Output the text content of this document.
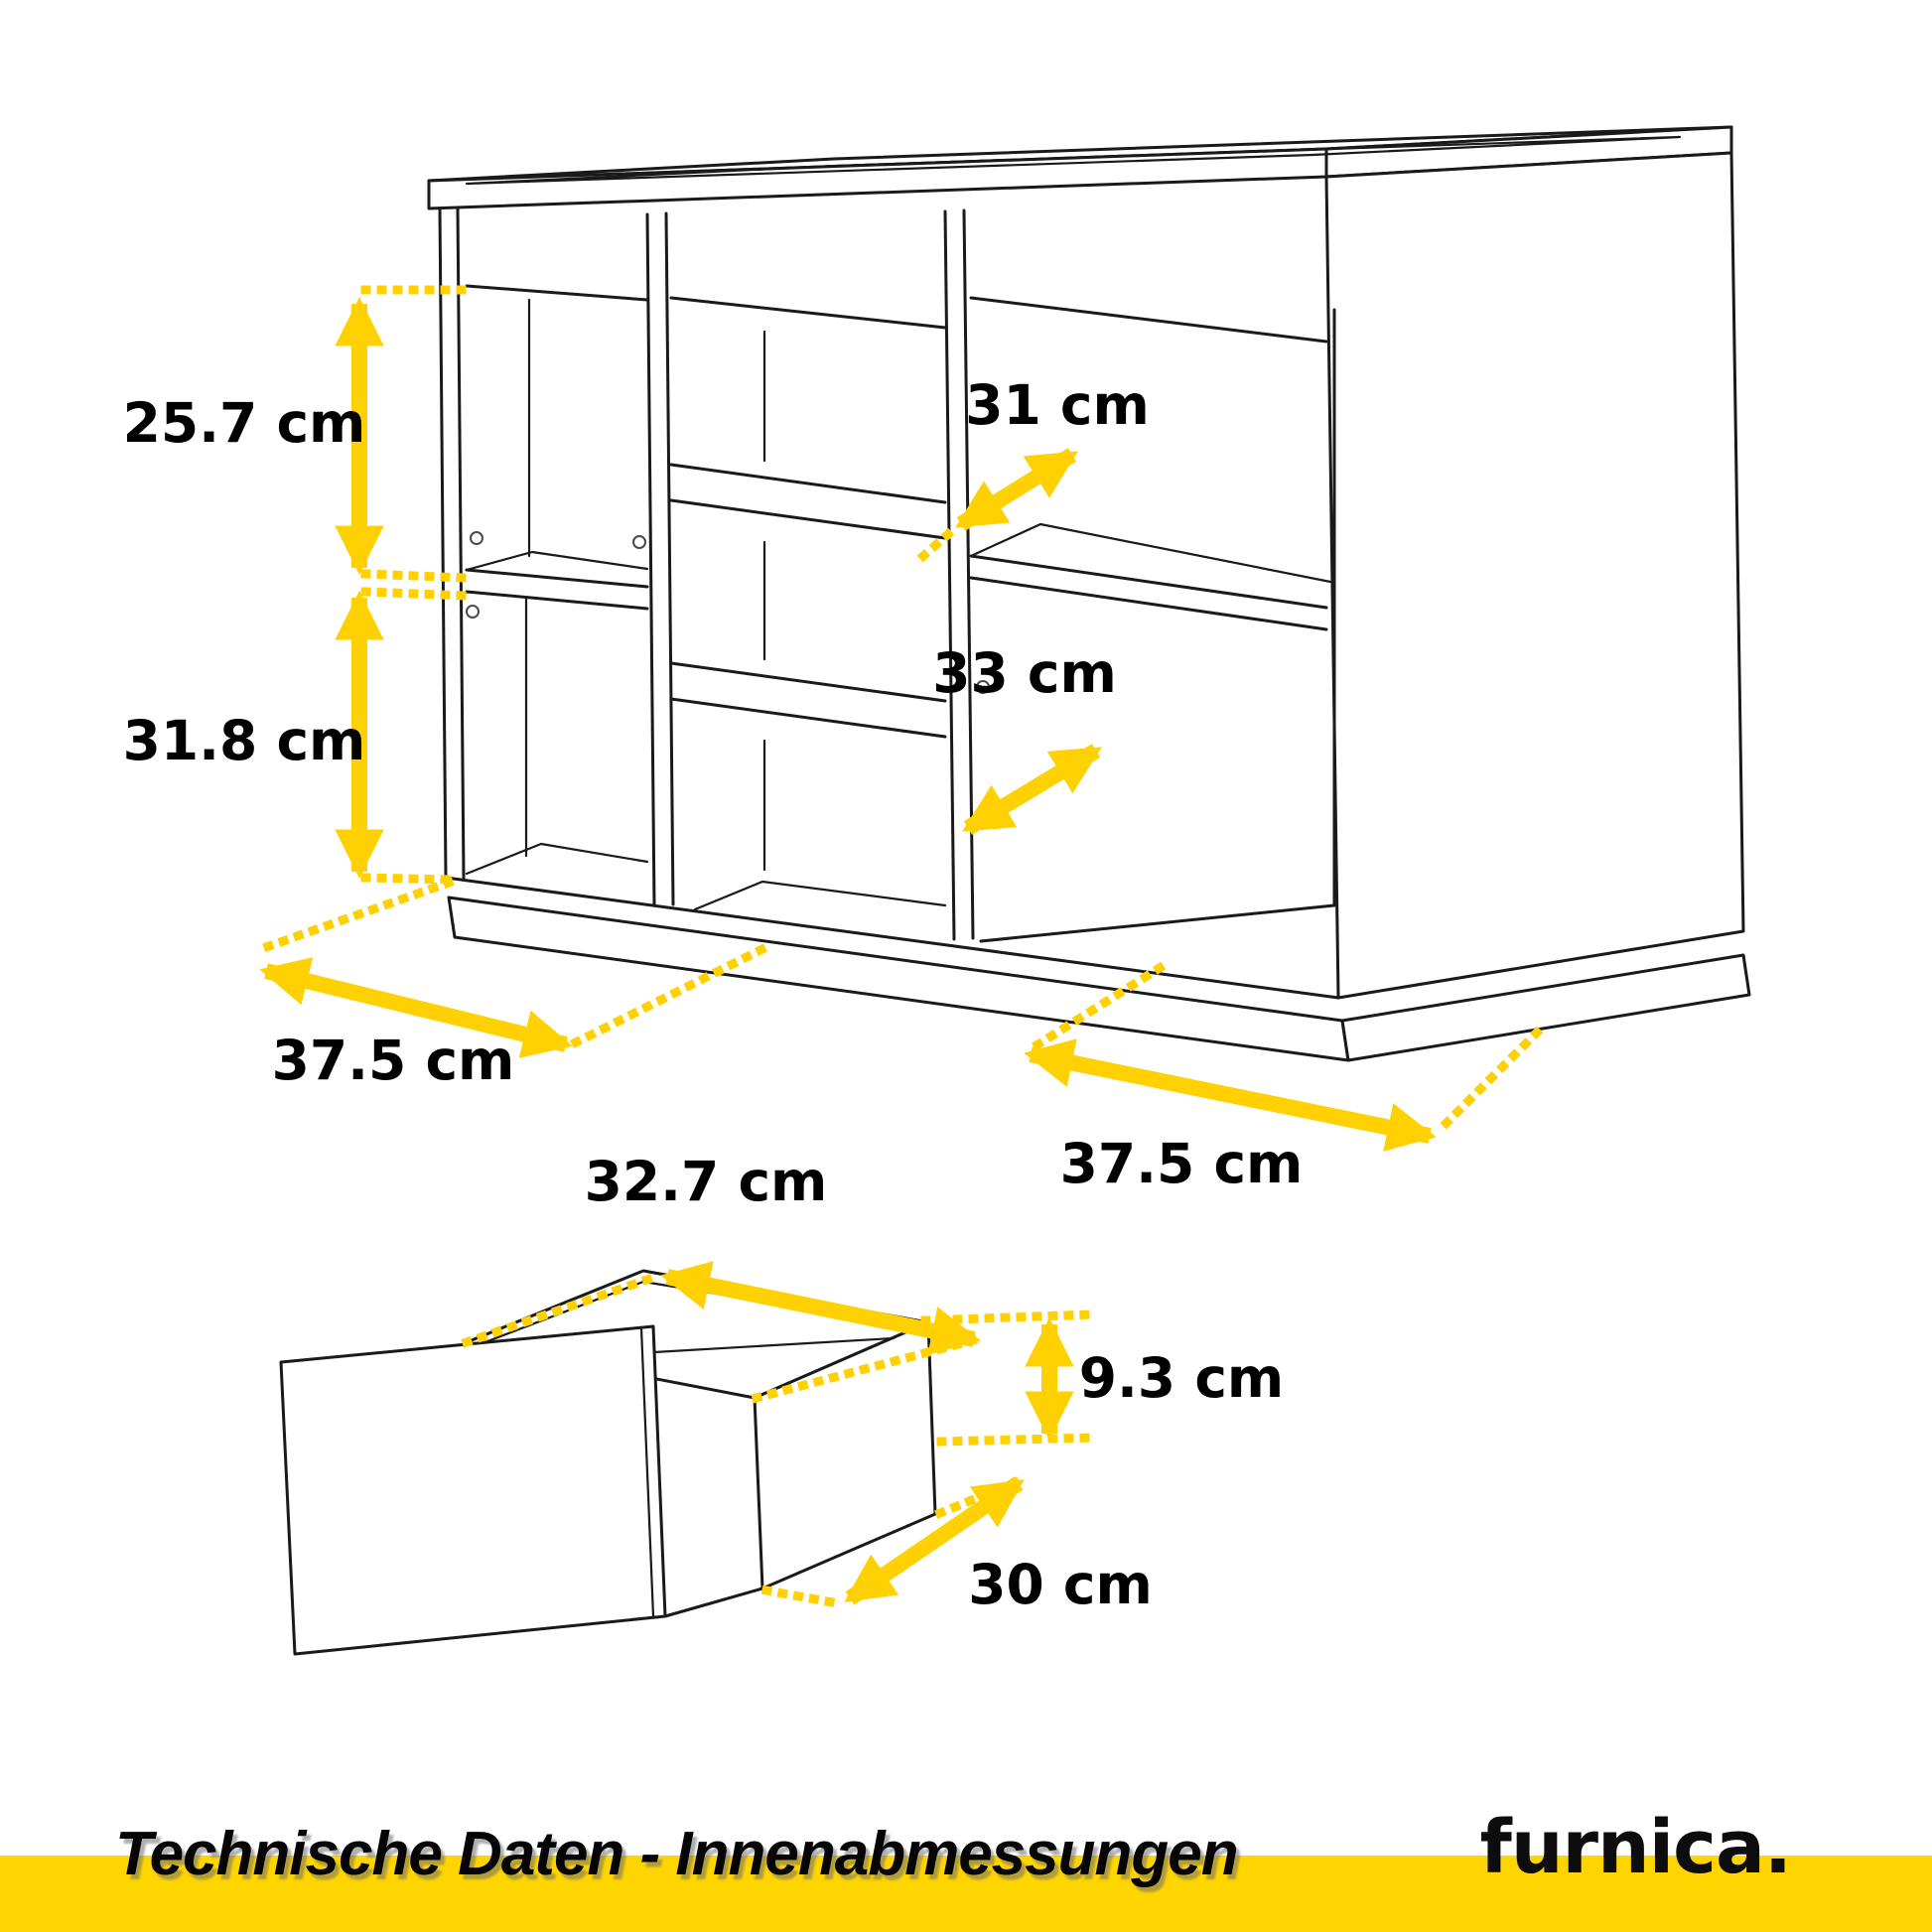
25.7 cm
31.8 cm
31 cm
33 cm
37.5 cm
37.5 cm
32.7 cm
9.3 cm
30 cm
Technische Daten - Innenabmessungen	furnica.
